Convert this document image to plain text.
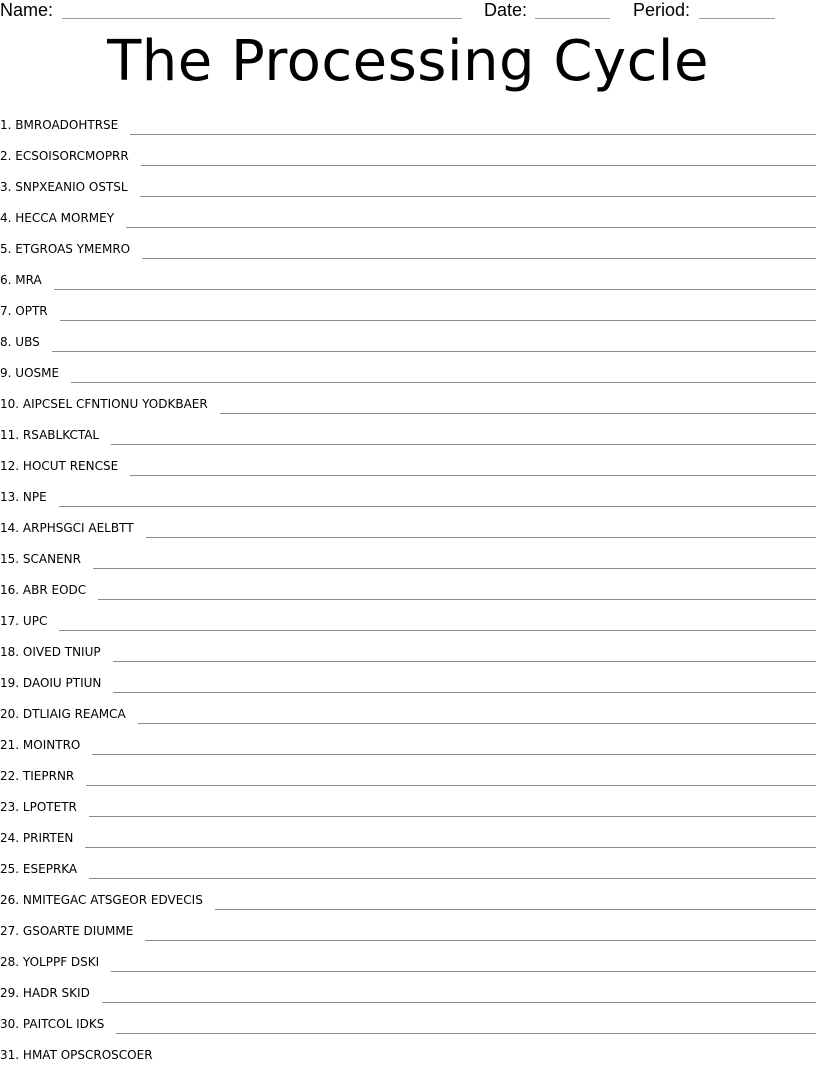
Name:	Date:	Period:
The Processing Cycle
1. BMROADOHTRSE
2. ECSOISORCMOPRR
3. SNPXEANIO OSTSL
4. HECCA MORMEY
5. ETGROAS YMEMRO
6. MRA
7. OPTR
8. UBS
9. UOSME
10. AIPCSEL CFNTIONU YODKBAER
11. RSABLKCTAL
12. HOCUT RENCSE
13. NPE
14. ARPHSGCI AELBTT
15. SCANENR
16. ABR EODC
17. UPC
18. OIVED TNIUP
19. DAOIU PTIUN
20. DTLIAIG REAMCA
21. MOINTRO
22. TIEPRNR
23. LPOTETR
24. PRIRTEN
25. ESEPRKA
26. NMITEGAC ATSGEOR EDVECIS
27. GSOARTE DIUMME
28. YOLPPF DSKI
29. HADR SKID
30. PAITCOL IDKS
31. HMAT OPSCROSCOER
